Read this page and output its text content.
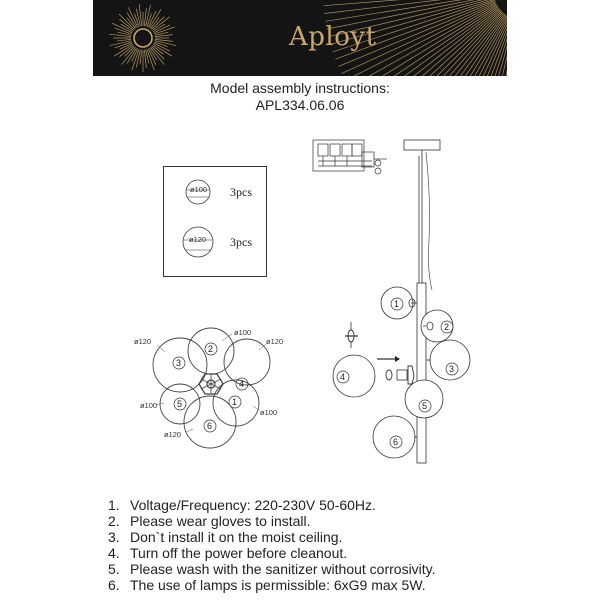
Aployt
Model assembly instructions:
APL334.06.06
3pcs
3pcs
ø100
ø120
2
3
4
5	1
6
ø120
ø100
ø120
ø100
ø100
ø120
1
2
3
4
5
6
1. Voltage/Frequency: 220-230V 50-60Hz.
2. Please wear gloves to install.
3. Don`t install it on the moist ceiling.
4. Turn off the power before cleanout.
5. Please wash with the sanitizer without corrosivity.
6. The use of lamps is permissible: 6xG9 max 5W.
